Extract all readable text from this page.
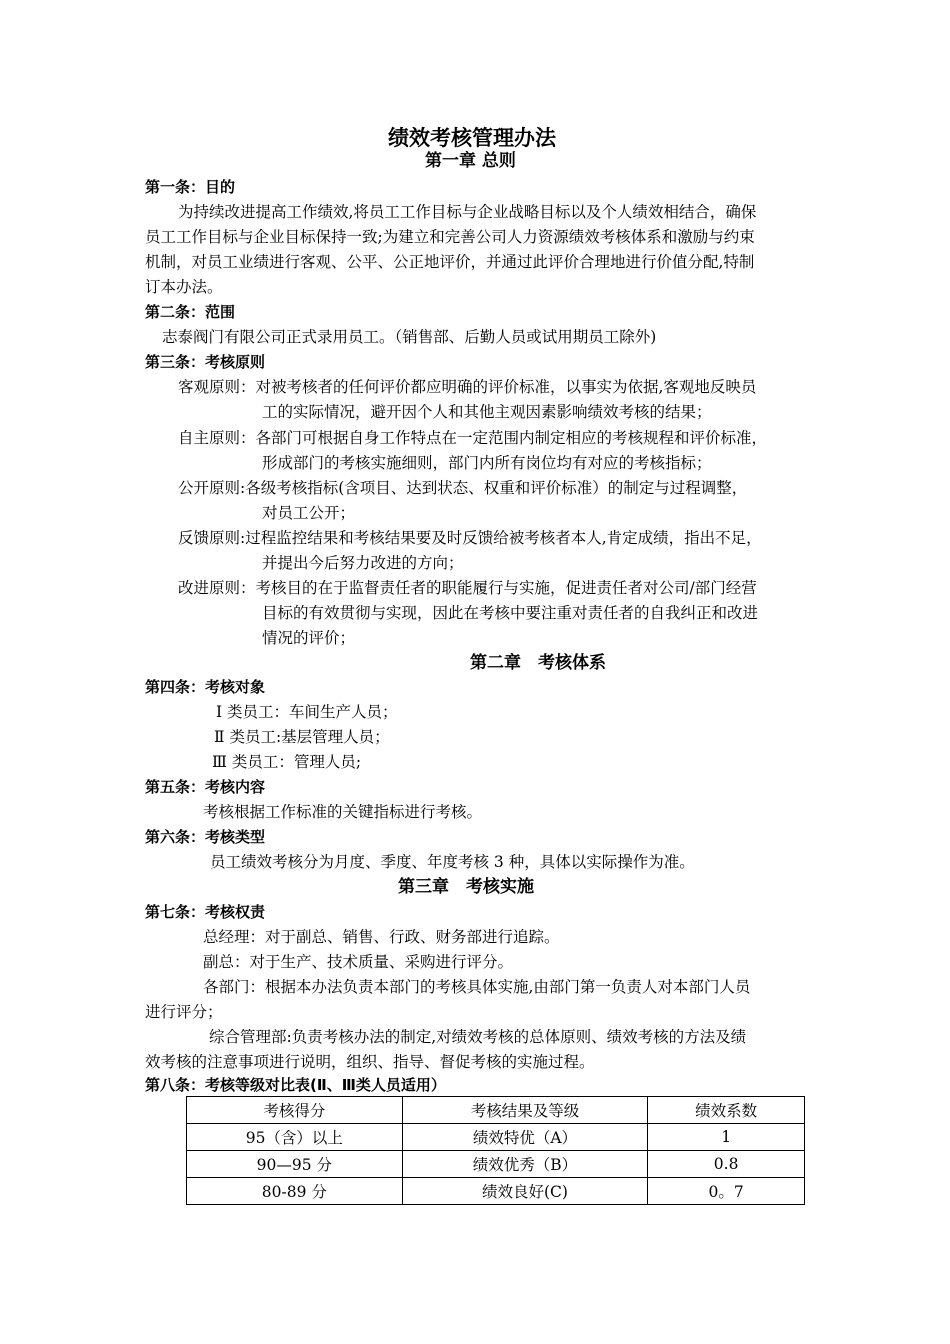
绩效考核管理办法
第一章 总则
第一条：目的
为持续改进提高工作绩效,将员工工作目标与企业战略目标以及个人绩效相结合，确保
员工工作目标与企业目标保持一致;为建立和完善公司人力资源绩效考核体系和激励与约束
机制，对员工业绩进行客观、公平、公正地评价，并通过此评价合理地进行价值分配,特制
订本办法。
第二条：范围
志泰阀门有限公司正式录用员工。（销售部、后勤人员或试用期员工除外)
第三条：考核原则
客观原则：对被考核者的任何评价都应明确的评价标准，以事实为依据,客观地反映员
工的实际情况，避开因个人和其他主观因素影响绩效考核的结果；
自主原则：各部门可根据自身工作特点在一定范围内制定相应的考核规程和评价标准，
形成部门的考核实施细则，部门内所有岗位均有对应的考核指标；
公开原则:各级考核指标(含项目、达到状态、权重和评价标准）的制定与过程调整，
对员工公开；
反馈原则:过程监控结果和考核结果要及时反馈给被考核者本人,肯定成绩，指出不足，
并提出今后努力改进的方向；
改进原则：考核目的在于监督责任者的职能履行与实施，促进责任者对公司/部门经营
目标的有效贯彻与实现，因此在考核中要注重对责任者的自我纠正和改进
情况的评价；
第二章　考核体系
第四条：考核对象
Ⅰ 类员工：车间生产人员；
Ⅱ 类员工:基层管理人员；
Ⅲ 类员工：管理人员;
第五条：考核内容
考核根据工作标准的关键指标进行考核。
第六条：考核类型
员工绩效考核分为月度、季度、年度考核 3 种，具体以实际操作为准。
第三章　考核实施
第七条：考核权责
总经理：对于副总、销售、行政、财务部进行追踪。
副总：对于生产、技术质量、采购进行评分。
各部门：根据本办法负责本部门的考核具体实施,由部门第一负责人对本部门人员
进行评分；
综合管理部:负责考核办法的制定,对绩效考核的总体原则、绩效考核的方法及绩
效考核的注意事项进行说明，组织、指导、督促考核的实施过程。
第八条：考核等级对比表(Ⅱ、Ⅲ类人员适用）
考核得分	考核结果及等级	绩效系数
95（含）以上	绩效特优（A）	1
90—95 分	绩效优秀（B）	0.8
80-89 分	绩效良好(C)	0。7
